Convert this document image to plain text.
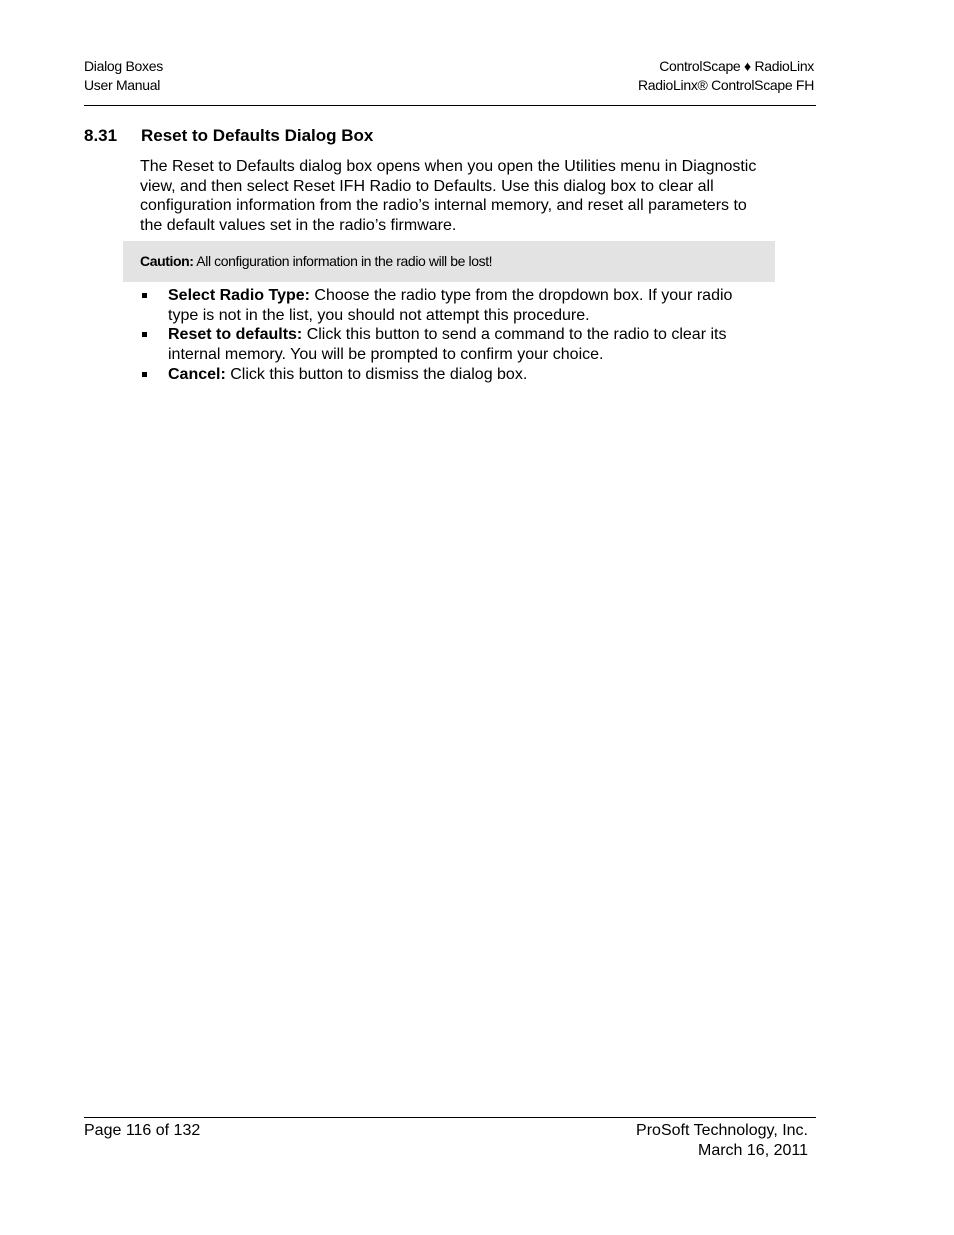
Dialog Boxes
User Manual
ControlScape ♦ RadioLinx
RadioLinx® ControlScape FH
8.31 Reset to Defaults Dialog Box
The Reset to Defaults dialog box opens when you open the Utilities menu in Diagnostic view, and then select Reset IFH Radio to Defaults. Use this dialog box to clear all configuration information from the radio’s internal memory, and reset all parameters to the default values set in the radio’s firmware.
Caution: All configuration information in the radio will be lost!
Select Radio Type: Choose the radio type from the dropdown box. If your radio type is not in the list, you should not attempt this procedure.
Reset to defaults: Click this button to send a command to the radio to clear its internal memory. You will be prompted to confirm your choice.
Cancel: Click this button to dismiss the dialog box.
Page 116 of 132	ProSoft Technology, Inc.
March 16, 2011
